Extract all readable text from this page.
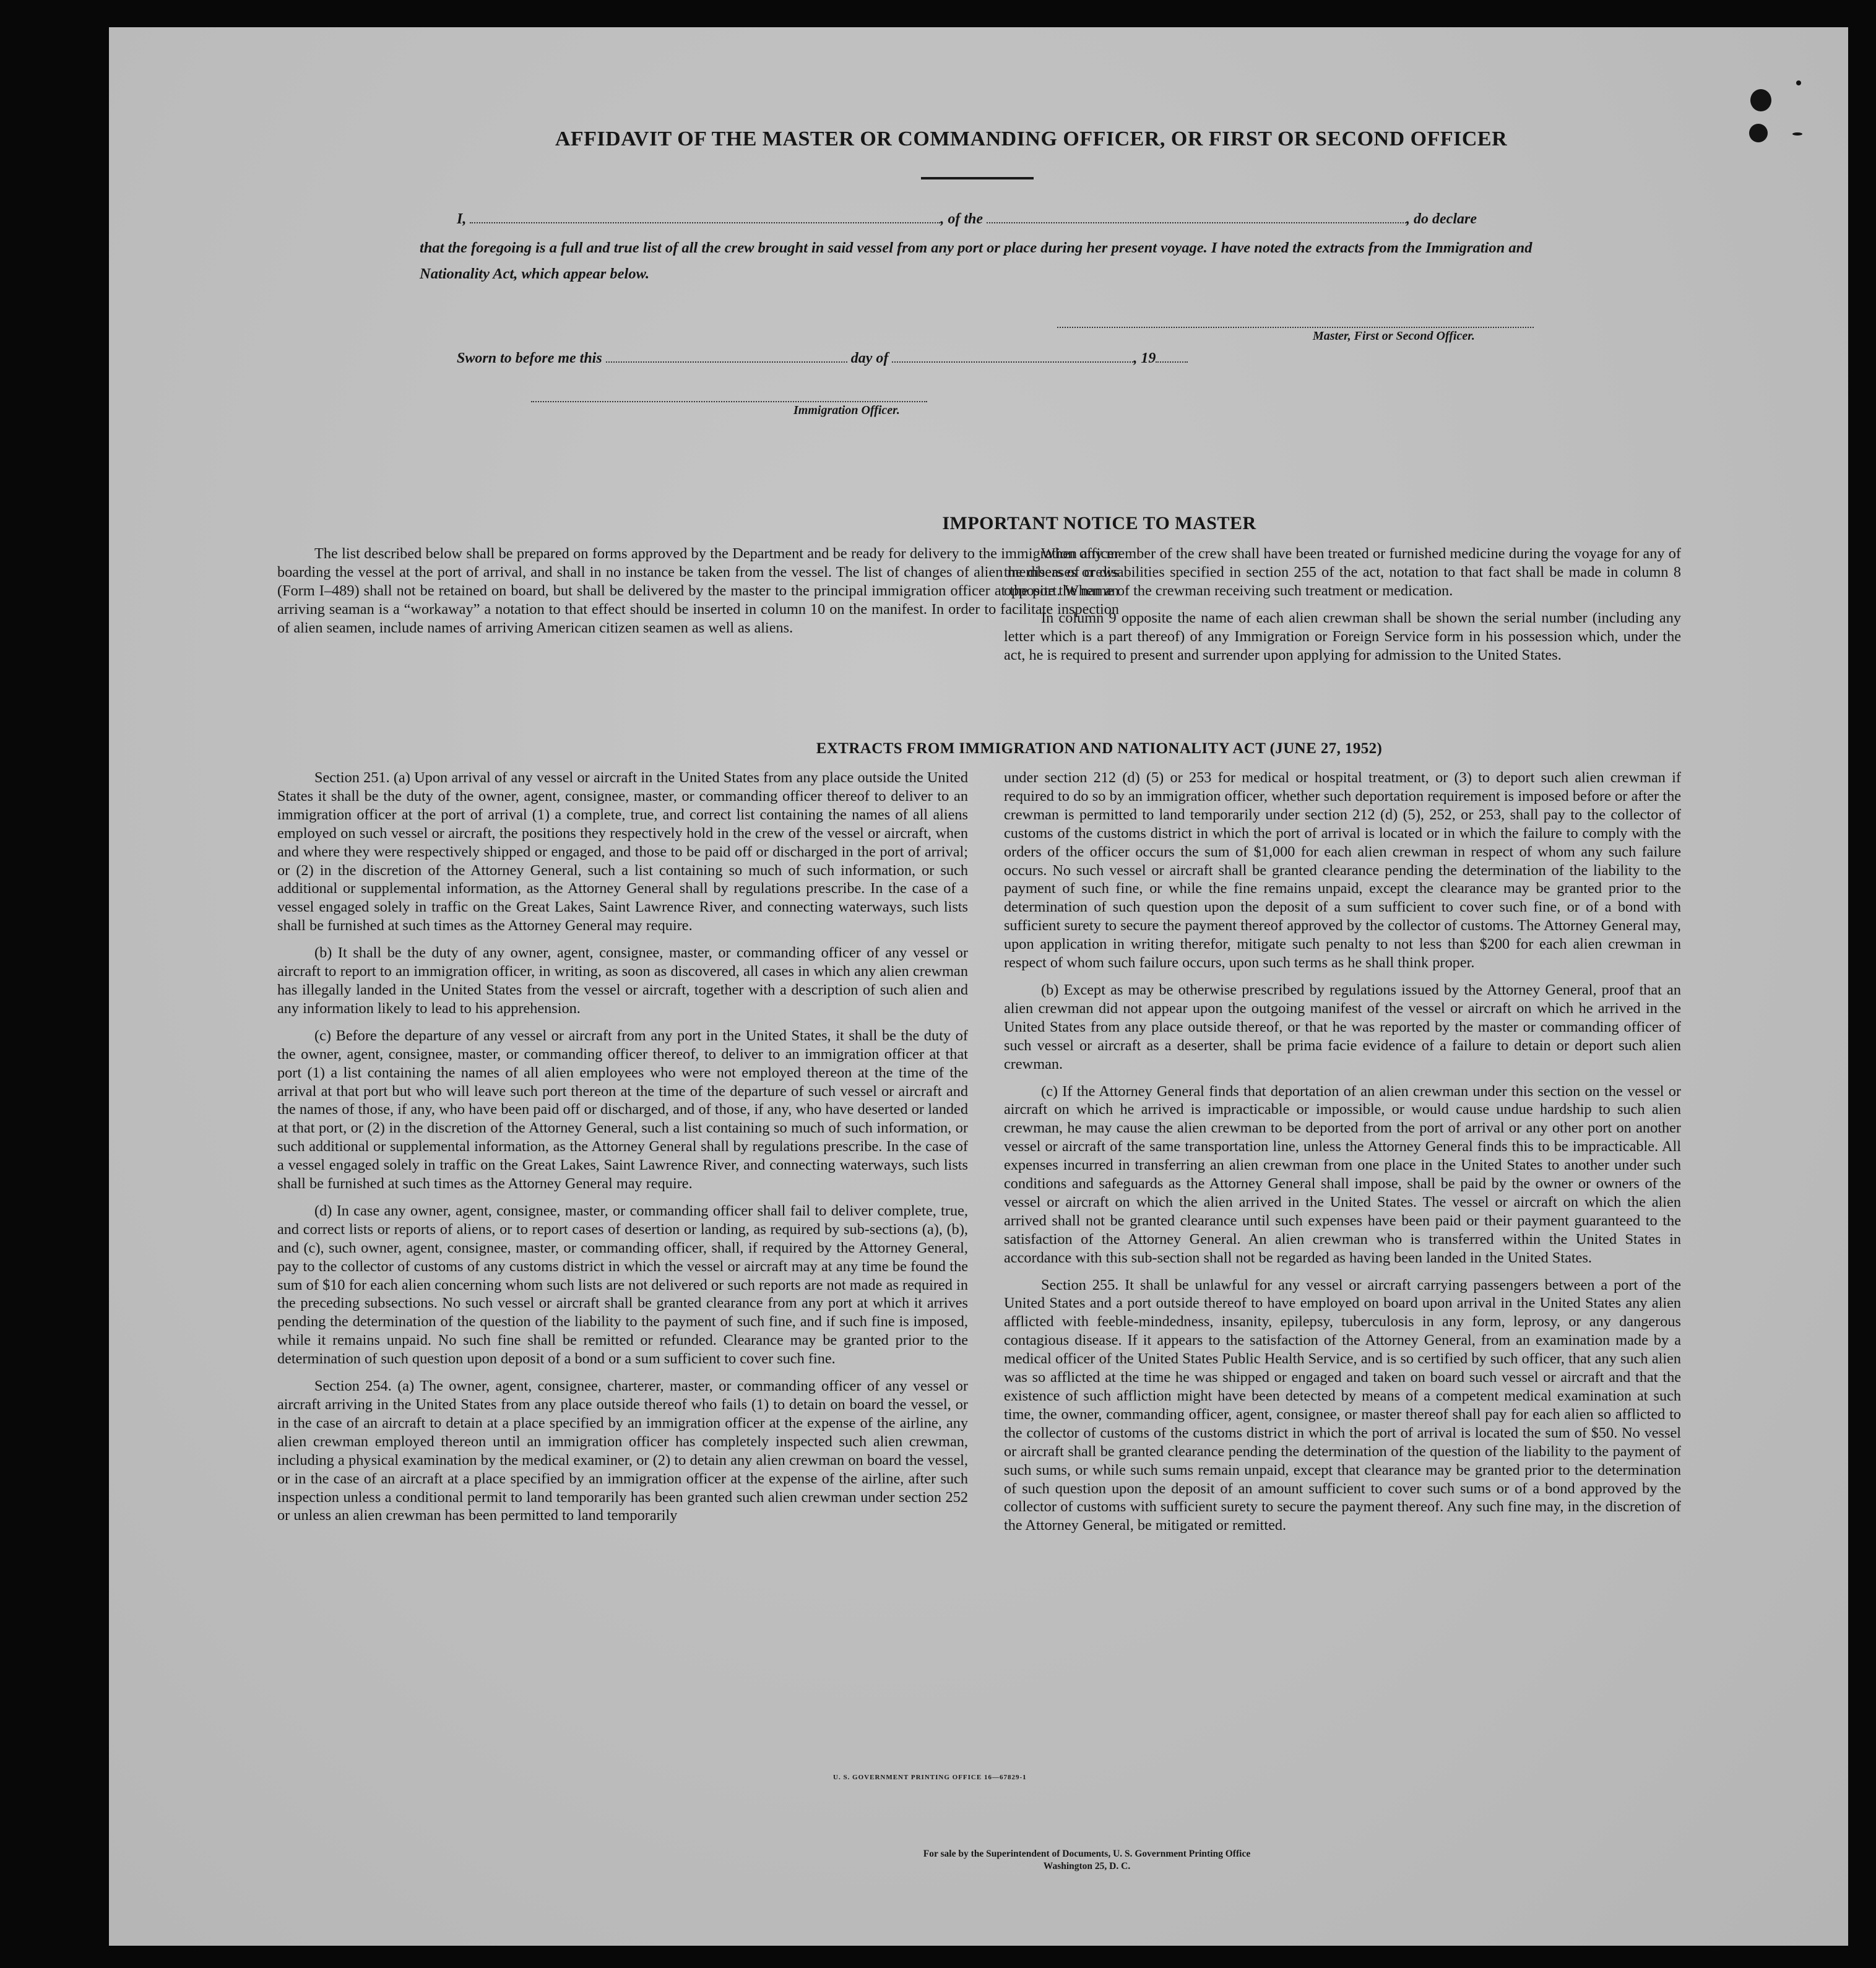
AFFIDAVIT OF THE MASTER OR COMMANDING OFFICER, OR FIRST OR SECOND OFFICER
I,	, of the	, do declare
that the foregoing is a full and true list of all the crew brought in said vessel from any port or place during her present voyage. I have noted the extracts from the Immigration and Nationality Act, which appear below.
Master, First or Second Officer.
Sworn to before me this	day of	, 19
Immigration Officer.
IMPORTANT NOTICE TO MASTER

The list described below shall be prepared on forms approved by the Department and be ready for delivery to the immigration officer boarding the vessel at the port of arrival, and shall in no instance be taken from the vessel. The list of changes of alien members of crews (Form I–489) shall not be retained on board, but shall be delivered by the master to the principal immigration officer at the port. When an arriving seaman is a “workaway” a notation to that effect should be inserted in column 10 on the manifest. In order to facilitate inspection of alien seamen, include names of arriving American citizen seamen as well as aliens.

When any member of the crew shall have been treated or furnished medicine during the voyage for any of the diseases or disabilities specified in section 255 of the act, notation to that fact shall be made in column 8 opposite the name of the crewman receiving such treatment or medication.

In column 9 opposite the name of each alien crewman shall be shown the serial number (including any letter which is a part thereof) of any Immigration or Foreign Service form in his possession which, under the act, he is required to present and surrender upon applying for admission to the United States.

EXTRACTS FROM IMMIGRATION AND NATIONALITY ACT (JUNE 27, 1952)

Section 251. (a) Upon arrival of any vessel or aircraft in the United States from any place outside the United States it shall be the duty of the owner, agent, consignee, master, or commanding officer thereof to deliver to an immigration officer at the port of arrival (1) a complete, true, and correct list containing the names of all aliens employed on such vessel or aircraft, the positions they respectively hold in the crew of the vessel or aircraft, when and where they were respectively shipped or engaged, and those to be paid off or discharged in the port of arrival; or (2) in the discretion of the Attorney General, such a list containing so much of such information, or such additional or supplemental information, as the Attorney General shall by regulations prescribe. In the case of a vessel engaged solely in traffic on the Great Lakes, Saint Lawrence River, and connecting waterways, such lists shall be furnished at such times as the Attorney General may require.

(b) It shall be the duty of any owner, agent, consignee, master, or commanding officer of any vessel or aircraft to report to an immigration officer, in writing, as soon as discovered, all cases in which any alien crewman has illegally landed in the United States from the vessel or aircraft, together with a description of such alien and any information likely to lead to his apprehension.

(c) Before the departure of any vessel or aircraft from any port in the United States, it shall be the duty of the owner, agent, consignee, master, or commanding officer thereof, to deliver to an immigration officer at that port (1) a list containing the names of all alien employees who were not employed thereon at the time of the arrival at that port but who will leave such port thereon at the time of the departure of such vessel or aircraft and the names of those, if any, who have been paid off or discharged, and of those, if any, who have deserted or landed at that port, or (2) in the discretion of the Attorney General, such a list containing so much of such information, or such additional or supplemental information, as the Attorney General shall by regulations prescribe. In the case of a vessel engaged solely in traffic on the Great Lakes, Saint Lawrence River, and connecting waterways, such lists shall be furnished at such times as the Attorney General may require.

(d) In case any owner, agent, consignee, master, or commanding officer shall fail to deliver complete, true, and correct lists or reports of aliens, or to report cases of desertion or landing, as required by sub-sections (a), (b), and (c), such owner, agent, consignee, master, or commanding officer, shall, if required by the Attorney General, pay to the collector of customs of any customs district in which the vessel or aircraft may at any time be found the sum of $10 for each alien concerning whom such lists are not delivered or such reports are not made as required in the preceding subsections. No such vessel or aircraft shall be granted clearance from any port at which it arrives pending the determination of the question of the liability to the payment of such fine, and if such fine is imposed, while it remains unpaid. No such fine shall be remitted or refunded. Clearance may be granted prior to the determination of such question upon deposit of a bond or a sum sufficient to cover such fine.

Section 254. (a) The owner, agent, consignee, charterer, master, or commanding officer of any vessel or aircraft arriving in the United States from any place outside thereof who fails (1) to detain on board the vessel, or in the case of an aircraft to detain at a place specified by an immigration officer at the expense of the airline, any alien crewman employed thereon until an immigration officer has completely inspected such alien crewman, including a physical examination by the medical examiner, or (2) to detain any alien crewman on board the vessel, or in the case of an aircraft at a place specified by an immigration officer at the expense of the airline, after such inspection unless a conditional permit to land temporarily has been granted such alien crewman under section 252 or unless an alien crewman has been permitted to land temporarily

under section 212 (d) (5) or 253 for medical or hospital treatment, or (3) to deport such alien crewman if required to do so by an immigration officer, whether such deportation requirement is imposed before or after the crewman is permitted to land temporarily under section 212 (d) (5), 252, or 253, shall pay to the collector of customs of the customs district in which the port of arrival is located or in which the failure to comply with the orders of the officer occurs the sum of $1,000 for each alien crewman in respect of whom any such failure occurs. No such vessel or aircraft shall be granted clearance pending the determination of the liability to the payment of such fine, or while the fine remains unpaid, except the clearance may be granted prior to the determination of such question upon the deposit of a sum sufficient to cover such fine, or of a bond with sufficient surety to secure the payment thereof approved by the collector of customs. The Attorney General may, upon application in writing therefor, mitigate such penalty to not less than $200 for each alien crewman in respect of whom such failure occurs, upon such terms as he shall think proper.

(b) Except as may be otherwise prescribed by regulations issued by the Attorney General, proof that an alien crewman did not appear upon the outgoing manifest of the vessel or aircraft on which he arrived in the United States from any place outside thereof, or that he was reported by the master or commanding officer of such vessel or aircraft as a deserter, shall be prima facie evidence of a failure to detain or deport such alien crewman.

(c) If the Attorney General finds that deportation of an alien crewman under this section on the vessel or aircraft on which he arrived is impracticable or impossible, or would cause undue hardship to such alien crewman, he may cause the alien crewman to be deported from the port of arrival or any other port on another vessel or aircraft of the same transportation line, unless the Attorney General finds this to be impracticable. All expenses incurred in transferring an alien crewman from one place in the United States to another under such conditions and safeguards as the Attorney General shall impose, shall be paid by the owner or owners of the vessel or aircraft on which the alien arrived in the United States. The vessel or aircraft on which the alien arrived shall not be granted clearance until such expenses have been paid or their payment guaranteed to the satisfaction of the Attorney General. An alien crewman who is transferred within the United States in accordance with this sub-section shall not be regarded as having been landed in the United States.

Section 255. It shall be unlawful for any vessel or aircraft carrying passengers between a port of the United States and a port outside thereof to have employed on board upon arrival in the United States any alien afflicted with feeble-mindedness, insanity, epilepsy, tuberculosis in any form, leprosy, or any dangerous contagious disease. If it appears to the satisfaction of the Attorney General, from an examination made by a medical officer of the United States Public Health Service, and is so certified by such officer, that any such alien was so afflicted at the time he was shipped or engaged and taken on board such vessel or aircraft and that the existence of such affliction might have been detected by means of a competent medical examination at such time, the owner, commanding officer, agent, consignee, or master thereof shall pay for each alien so afflicted to the collector of customs of the customs district in which the port of arrival is located the sum of $50. No vessel or aircraft shall be granted clearance pending the determination of the question of the liability to the payment of such sums, or while such sums remain unpaid, except that clearance may be granted prior to the determination of such question upon the deposit of an amount sufficient to cover such sums or of a bond approved by the collector of customs with sufficient surety to secure the payment thereof. Any such fine may, in the discretion of the Attorney General, be mitigated or remitted.

U. S. GOVERNMENT PRINTING OFFICE 16—67829-1
For sale by the Superintendent of Documents, U. S. Government Printing Office
Washington 25, D. C.
